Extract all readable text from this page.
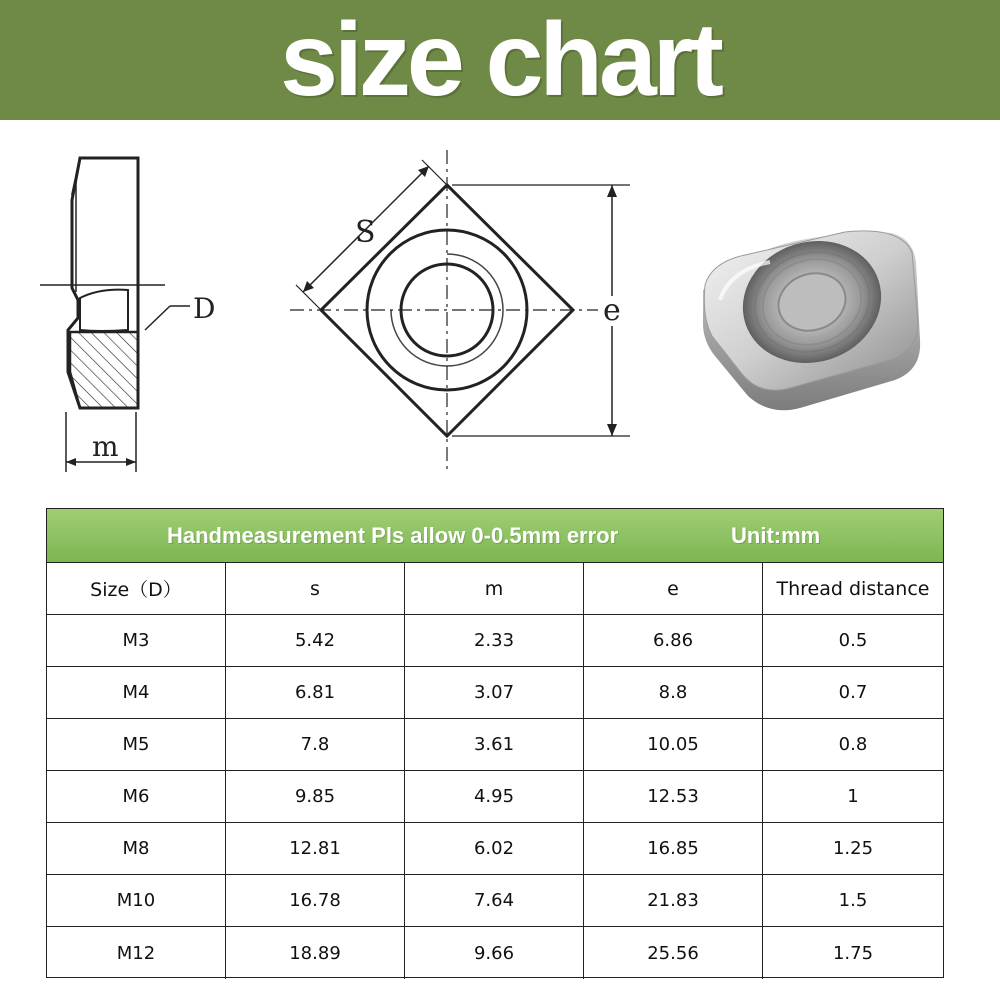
size chart
D
m
S
e
Handmeasurement Pls allow 0-0.5mm error	Unit:mm
Size（D）	s	m	e	Thread distance
M3	5.42	2.33	6.86	0.5
M4	6.81	3.07	8.8	0.7
M5	7.8	3.61	10.05	0.8
M6	9.85	4.95	12.53	1
M8	12.81	6.02	16.85	1.25
M10	16.78	7.64	21.83	1.5
M12	18.89	9.66	25.56	1.75
